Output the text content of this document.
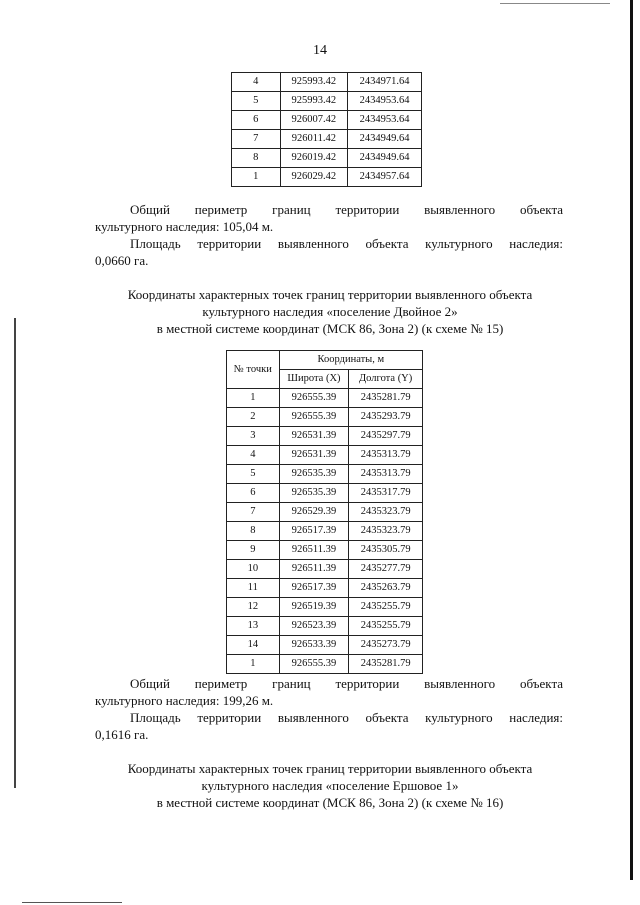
14
4	925993.42	2434971.64
5	925993.42	2434953.64
6	926007.42	2434953.64
7	926011.42	2434949.64
8	926019.42	2434949.64
1	926029.42	2434957.64
Общий периметр границ территории выявленного объекта
культурного наследия: 105,04 м.
Площадь территории выявленного объекта культурного наследия:
0,0660 га.
Координаты характерных точек границ территории выявленного объекта
культурного наследия «поселение Двойное 2»
в местной системе координат (МСК 86, Зона 2) (к схеме № 15)
№ точки	Координаты, м	
	Широта (X)	Долгота (Y)
1	926555.39	2435281.79
2	926555.39	2435293.79
3	926531.39	2435297.79
4	926531.39	2435313.79
5	926535.39	2435313.79
6	926535.39	2435317.79
7	926529.39	2435323.79
8	926517.39	2435323.79
9	926511.39	2435305.79
10	926511.39	2435277.79
11	926517.39	2435263.79
12	926519.39	2435255.79
13	926523.39	2435255.79
14	926533.39	2435273.79
1	926555.39	2435281.79
Общий периметр границ территории выявленного объекта
культурного наследия: 199,26 м.
Площадь территории выявленного объекта культурного наследия:
0,1616 га.
Координаты характерных точек границ территории выявленного объекта
культурного наследия «поселение Ершовое 1»
в местной системе координат (МСК 86, Зона 2) (к схеме № 16)
